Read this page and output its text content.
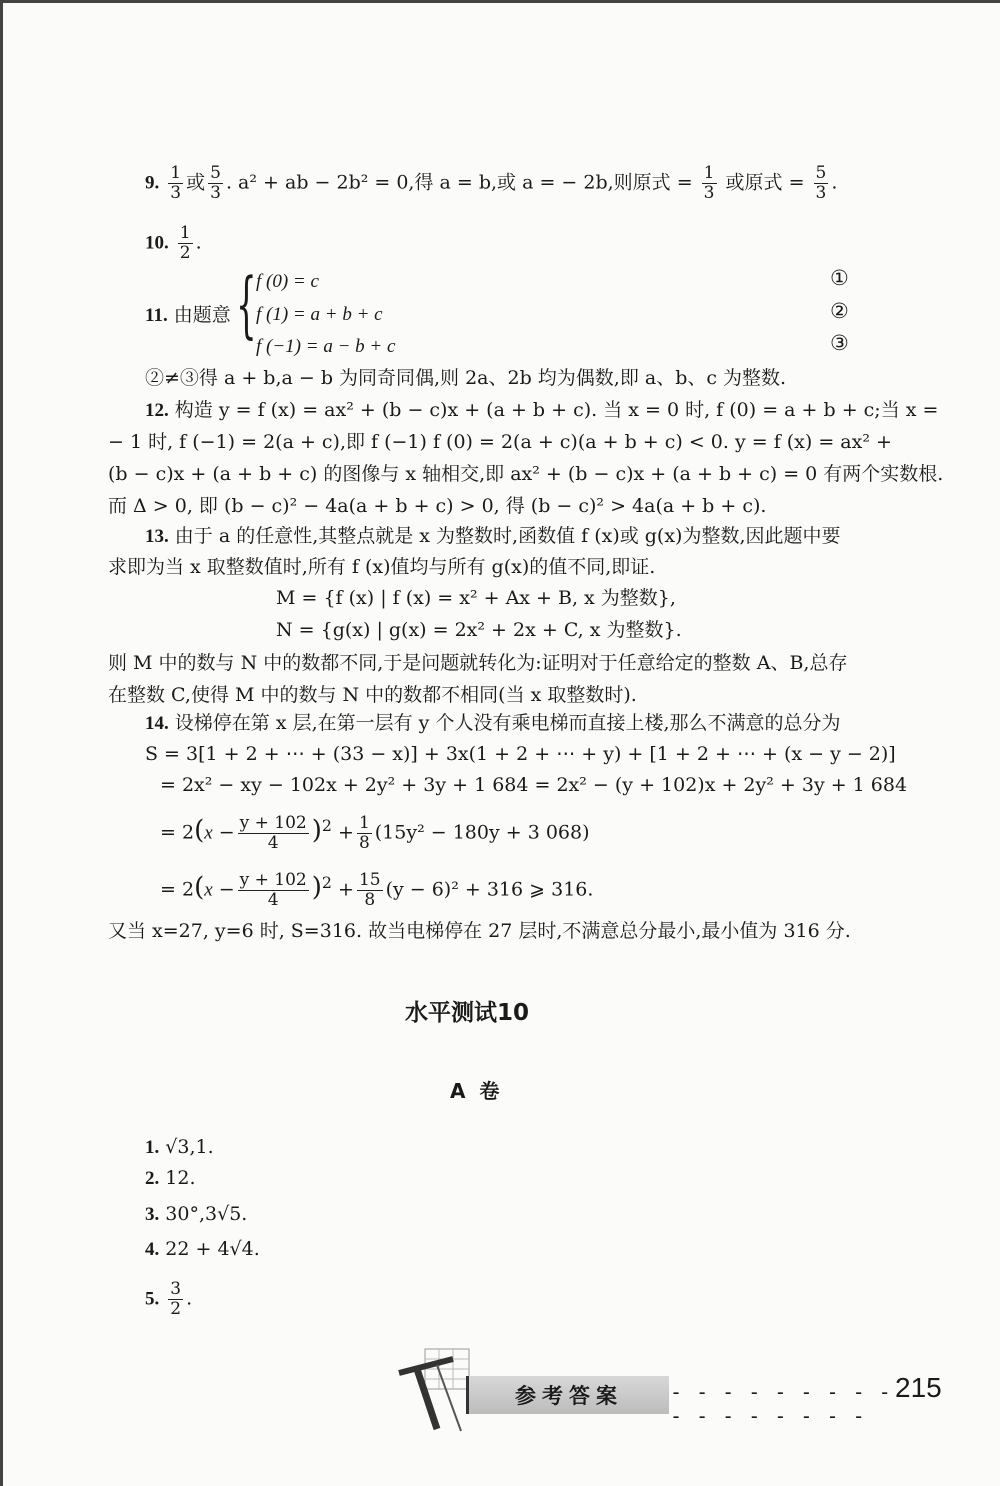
9. $\frac{1}{3}$ 或 $\frac{5}{3}$ . a² + ab − 2b² = 0,得 a = b,或 a = − 2b,则原式 = $\frac{1}{3}$ 或原式 = $\frac{5}{3}$ .
10. $\frac{1}{2}$ .
11. 由题意 { f (0) = c
f (1) = a + b + c
f (−1) = a − b + c
①
②
③
②≠③得 a + b,a − b 为同奇同偶,则 2a、2b 均为偶数,即 a、b、c 为整数.
12. 构造 y = f (x) = ax² + (b − c)x + (a + b + c). 当 x = 0 时, f (0) = a + b + c;当 x =
− 1 时, f (−1) = 2(a + c),即 f (−1) f (0) = 2(a + c)(a + b + c) < 0. y = f (x) = ax² +
(b − c)x + (a + b + c) 的图像与 x 轴相交,即 ax² + (b − c)x + (a + b + c) = 0 有两个实数根.
而 Δ > 0, 即 (b − c)² − 4a(a + b + c) > 0, 得 (b − c)² > 4a(a + b + c).
13. 由于 a 的任意性,其整点就是 x 为整数时,函数值 f (x)或 g(x)为整数,因此题中要
求即为当 x 取整数值时,所有 f (x)值均与所有 g(x)的值不同,即证.
M = {f (x) | f (x) = x² + Ax + B, x 为整数},
N = {g(x) | g(x) = 2x² + 2x + C, x 为整数}.
则 M 中的数与 N 中的数都不同,于是问题就转化为:证明对于任意给定的整数 A、B,总存
在整数 C,使得 M 中的数与 N 中的数都不相同(当 x 取整数时).
14. 设梯停在第 x 层,在第一层有 y 个人没有乘电梯而直接上楼,那么不满意的总分为
S = 3[1 + 2 + ⋯ + (33 − x)] + 3x(1 + 2 + ⋯ + y) + [1 + 2 + ⋯ + (x − y − 2)]
= 2x² − xy − 102x + 2y² + 3y + 1 684 = 2x² − (y + 102)x + 2y² + 3y + 1 684
= $2(x - \frac{y + 102}{4} )^2 + \frac{1}{8} (15y^2 - 180y + 3$ 068)
= $2(x - \frac{y + 102}{4} )^2 + \frac{15}{8} (y - 6)^2 + 316$ ⩾ 316.
又当 x=27, y=6 时, S=316. 故当电梯停在 27 层时,不满意总分最小,最小值为 316 分.
水平测试10
A  卷
1. √3,1.
2. 12.
3. 30°,3√5.
4. 22 + 4√4.
5. $\frac{3}{2}$ .
参考答案	- - - - - - - - - - - - - - - - -
215
